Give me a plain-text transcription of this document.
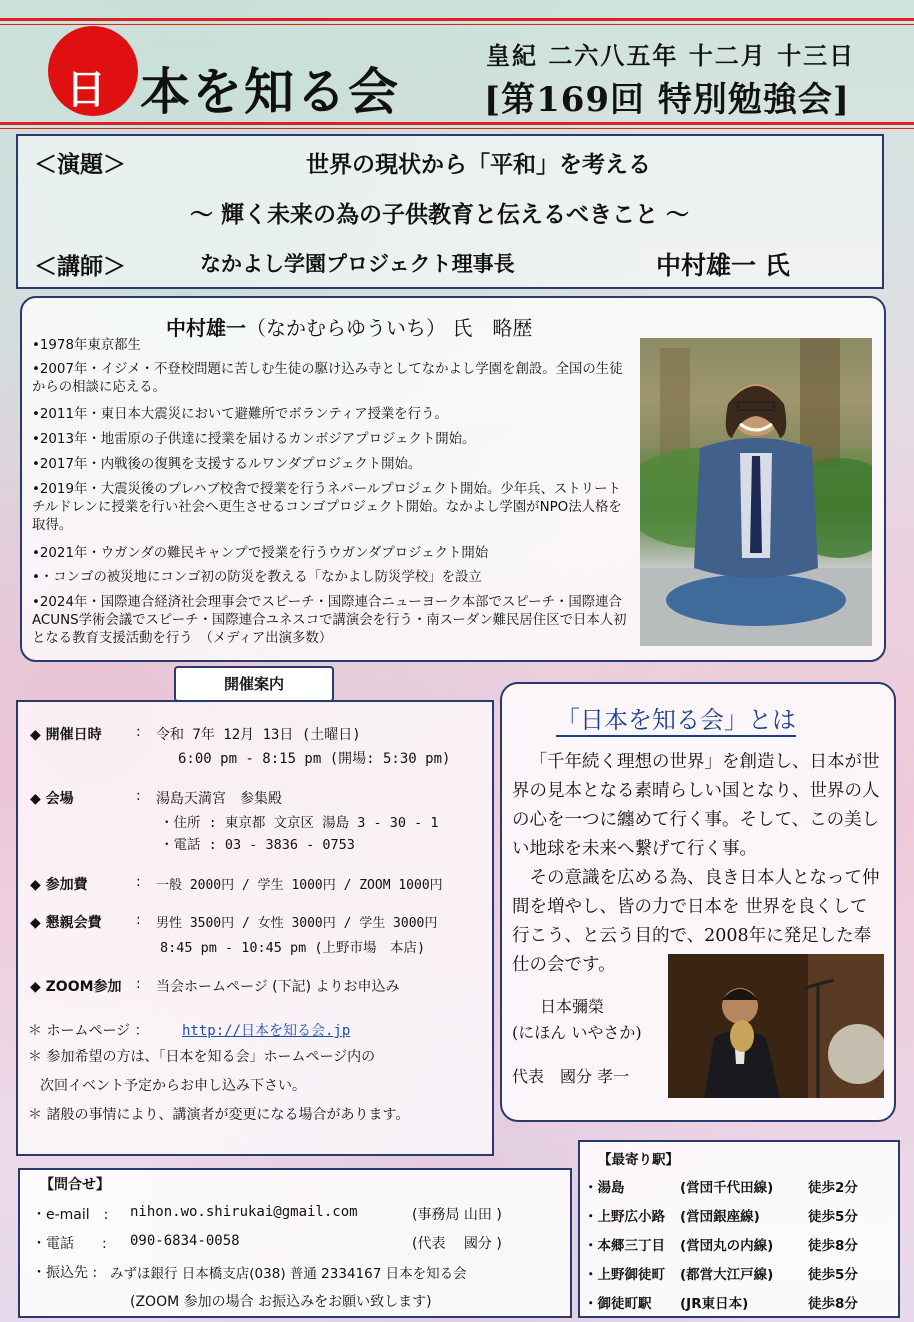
日 本を知る会
皇紀 二六八五年 十二月 十三日
[第169回 特別勉強会]
＜演題＞	世界の現状から「平和」を考える
〜 輝く未来の為の子供教育と伝えるべきこと 〜
＜講師＞	なかよし学園プロジェクト理事長	中村雄一 氏
中村雄一（なかむらゆういち） 氏　略歴
•1978年東京都生
•2007年・イジメ・不登校問題に苦しむ生徒の駆け込み寺としてなかよし学園を創設。全国の生徒からの相談に応える。
•2011年・東日本大震災において避難所でボランティア授業を行う。
•2013年・地雷原の子供達に授業を届けるカンボジアプロジェクト開始。
•2017年・内戦後の復興を支援するルワンダプロジェクト開始。
•2019年・大震災後のプレハブ校舎で授業を行うネパールプロジェクト開始。少年兵、ストリートチルドレンに授業を行い社会へ更生させるコンゴプロジェクト開始。なかよし学園がNPO法人格を取得。
•2021年・ウガンダの難民キャンプで授業を行うウガンダプロジェクト開始
•・コンゴの被災地にコンゴ初の防災を教える「なかよし防災学校」を設立
•2024年・国際連合経済社会理事会でスピーチ・国際連合ニューヨーク本部でスピーチ・国際連合ACUNS学術会議でスピーチ・国際連合ユネスコで講演会を行う・南スーダン難民居住区で日本人初となる教育支援活動を行う　（メディア出演多数）
開催案内
◆ 開催日時 : 令和 7年 12月 13日 (土曜日)
6:00 pm - 8:15 pm (開場: 5:30 pm)
◆ 会場	: 湯島天満宮　参集殿
・住所 : 東京都 文京区 湯島 3 - 30 - 1
・電話 : 03 - 3836 - 0753
◆ 参加費	: 一般 2000円 / 学生 1000円 / ZOOM 1000円
◆ 懇親会費 : 男性 3500円 / 女性 3000円 / 学生 3000円
8:45 pm - 10:45 pm (上野市場　本店)
◆ ZOOM参加 : 当会ホームページ (下記) よりお申込み
＊ ホームページ ： http://日本を知る会.jp
＊ 参加希望の方は、「日本を知る会」ホームページ内の
次回イベント予定からお申し込み下さい。
＊ 諸般の事情により、講演者が変更になる場合があります。
「日本を知る会」とは

「千年続く理想の世界」を創造し、日本が世界の見本となる素晴らしい国となり、世界の人の心を一つに纏めて行く事。そして、この美しい地球を未来へ繋げて行く事。

その意識を広める為、良き日本人となって仲間を増やし、皆の力で日本を 世界を良くして行こう、と云う目的で、2008年に発足した奉仕の会です。

日本彌榮
(にほん いやさか)
代表　國分 孝一
【問合せ】
・e-mail　: nihon.wo.shirukai@gmail.com	(事務局 山田 )
・電話　　: 090-6834-0058	(代表　 國分 )
・振込先 : みずほ銀行 日本橋支店(038) 普通 2334167 日本を知る会
(ZOOM 参加の場合 お振込みをお願い致します)
【最寄り駅】
・湯島	(営団千代田線)	徒歩2分
・上野広小路 (営団銀座線)	徒歩5分
・本郷三丁目 (営団丸の内線)	徒歩8分
・上野御徒町 (都営大江戸線)	徒歩5分
・御徒町駅 (JR東日本)	徒歩8分
